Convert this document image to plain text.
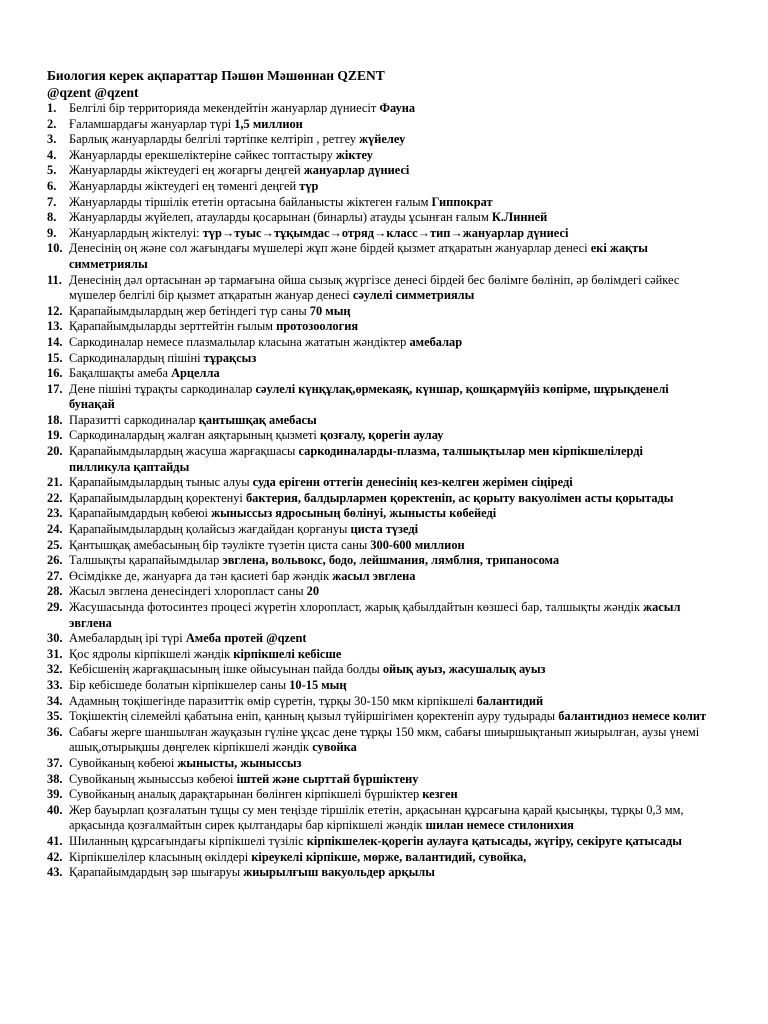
Биология керек ақпараттар Пәшөн Мәшөннан QZENT
@qzent @qzent
1.	Белгілі бір территорияда мекендейтін жануарлар дүниесіт Фауна
2.	Ғаламшардағы жануарлар түрі 1,5 миллион
3.	Барлық жануарларды белгілі тәртіпке келтіріп , ретгеу жүйелеу
4.	Жануарларды ерекшеліктеріне сәйкес топтастыру жіктеу
5.	Жануарларды жіктеудегі ең жоғарғы деңгей жануарлар дүниесі
6.	Жануарларды жіктеудегі ең төменгі деңгей түр
7.	Жануарларды тіршілік ететін ортасына байланысты жіктеген ғалым Гиппократ
8.	Жануарларды жүйелеп, атауларды қосарынан (бинарлы) атауды ұсынған ғалым К.Линней
9.	Жануарлардың жіктелуі: түр→туыс→тұқымдас→отряд→класс→тип→жануарлар дүниесі
10. Денесінің оң және сол жағындағы мүшелері жұп және бірдей қызмет атқаратын жануарлар денесі екі жақты симметриялы
11. Денесінің дәл ортасынан әр тармағына ойша сызық жүргізсе денесі бірдей бес бөлімге бөлініп, әр бөлімдегі сәйкес мүшелер белгілі бір қызмет атқаратын жануар денесі сәулелі симметриялы
12. Қарапайымдылардың жер бетіндегі түр саны 70 мың
13. Қарапайымдыларды зерттейтін ғылым протозоология
14. Саркодиналар немесе плазмалылар класына жататын жәндіктер амебалар
15. Саркодиналардың пішіні тұрақсыз
16. Бақалшақты амеба Арцелла
17. Дене пішіні тұрақты саркодиналар сәулелі күнқұлақ,өрмекаяқ, күншар, қошқармүйіз көпірме, шұрықденелі бунақай
18. Паразитті саркодиналар қантышқақ амебасы
19. Саркодиналардың жалған аяқтарының қызметі қозғалу, қорегін аулау
20. Қарапайымдылардың жасуша жарғақшасы саркодиналарды-плазма, талшықтылар мен кірпікшелілерді пилликула қаптайды
21. Қарапайымдылардың тыныс алуы суда ерігенн оттегін денесінің кез-келген жерімен сіңіреді
22. Қарапайымдылардың қоректенуі бактерия, балдырлармен қоректеніп, ас қорыту вакуолімен асты қорытады
23. Қарапайымдардың көбеюі жыныссыз ядросының бөлінуі, жынысты көбейеді
24. Қарапайымдылардың қолайсыз жағдайдан қорғануы циста түзеді
25. Қантышқақ амебасының бір тәулікте түзетін циста саны 300-600 миллион
26. Талшықты қарапайымдылар эвглена, вольвокс, бодо, лейшмания, лямблия, трипаносома
27. Өсімдікке де, жануарға да тән қасиеті бар жәндік жасыл эвглена
28. Жасыл эвглена денесіндегі хлоропласт саны 20
29. Жасушасында фотосинтез процесі жүретін хлоропласт, жарық қабылдайтын көзшесі бар, талшықты жәндік жасыл эвглена
30. Амебалардың ірі түрі Амеба протей @qzent
31. Қос ядролы кірпікшелі жәндік кірпікшелі кебісше
32. Кебісшенің жарғақшасының ішке ойысуынан пайда болды ойық ауыз, жасушалық ауыз
33. Бір кебісшеде болатын кірпікшелер саны 10-15 мың
34. Адамның тоқішегінде паразиттік өмір сүретін, тұрқы 30-150 мкм кірпікшелі балантидий
35. Тоқішектің сілемейлі қабатына еніп, қанның қызыл түйіршігімен қоректеніп ауру тудырады балантидиоз немесе колит
36. Сабағы жерге шаншылған жауқазын гүліне ұқсас дене тұрқы 150 мкм, сабағы шиыршықтанып жиырылған, аузы үнемі ашық,отырықшы дөңгелек кірпікшелі жәндік сувойка
37. Сувойканың көбеюі жынысты, жыныссыз
38. Сувойканың жыныссыз көбеюі іштей және сырттай бүршіктену
39. Сувойканың аналық дарақтарынан бөлінген кірпікшелі бүршіктер кезген
40. Жер бауырлап қозғалатын тұщы су мен теңізде тіршілік ететін, арқасынан құрсағына қарай қысыңқы, тұрқы 0,3 мм, арқасында қозғалмайтын сирек қылтандары бар кірпікшелі жәндік шилан немесе стилонихия
41. Шиланның құрсағындағы кірпікшелі түзіліс кірпікшелек-қорегін аулауға қатысады, жүгіру, секіруге қатысады
42. Кірпікшелілер класының өкілдері кіреукелі кірпікше, мөрже, валантидий, сувойка,
43. Қарапайымдардың зәр шығаруы жиырылғыш вакуольдер арқылы
